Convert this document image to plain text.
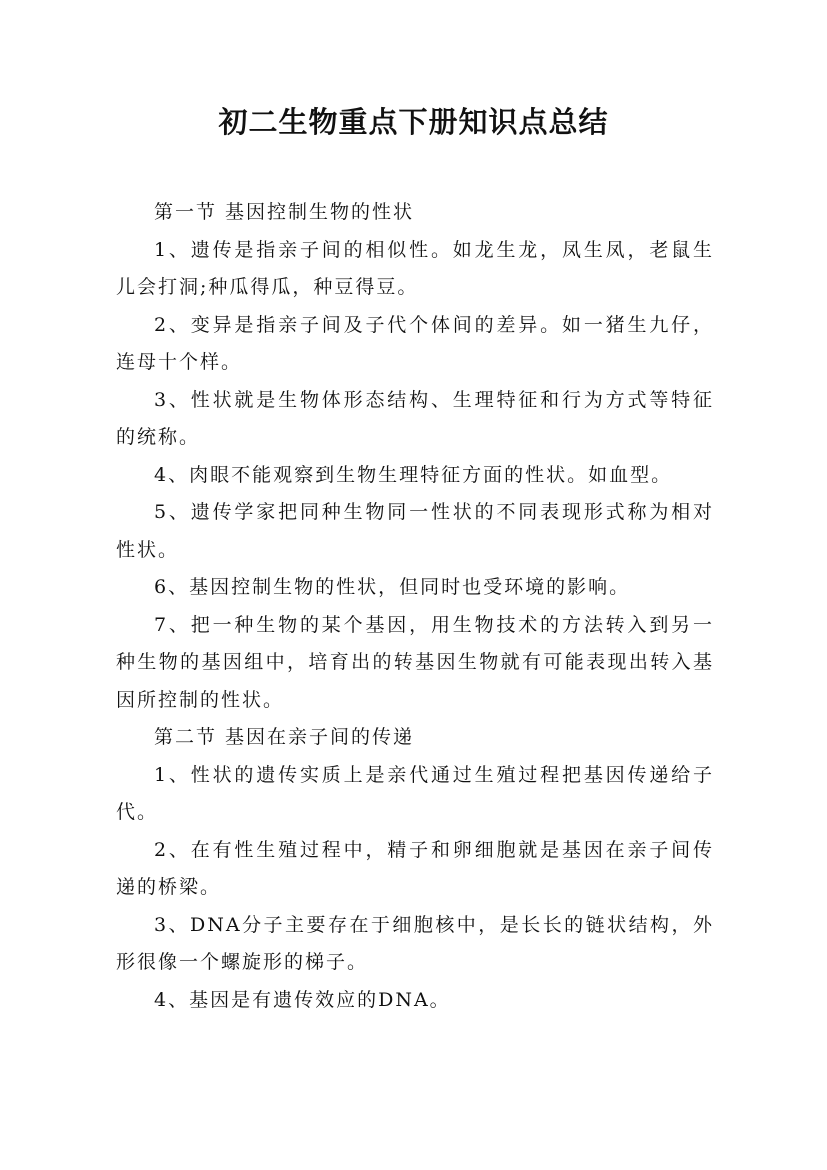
初二生物重点下册知识点总结

第一节 基因控制生物的性状

1、遗传是指亲子间的相似性。如龙生龙，凤生凤，老鼠生儿会打洞;种瓜得瓜，种豆得豆。

2、变异是指亲子间及子代个体间的差异。如一猪生九仔，连母十个样。

3、性状就是生物体形态结构、生理特征和行为方式等特征的统称。

4、肉眼不能观察到生物生理特征方面的性状。如血型。

5、遗传学家把同种生物同一性状的不同表现形式称为相对性状。

6、基因控制生物的性状，但同时也受环境的影响。

7、把一种生物的某个基因，用生物技术的方法转入到另一种生物的基因组中，培育出的转基因生物就有可能表现出转入基因所控制的性状。

第二节 基因在亲子间的传递

1、性状的遗传实质上是亲代通过生殖过程把基因传递给子代。

2、在有性生殖过程中，精子和卵细胞就是基因在亲子间传递的桥梁。

3、DNA分子主要存在于细胞核中，是长长的链状结构，外形很像一个螺旋形的梯子。

4、基因是有遗传效应的DNA。
